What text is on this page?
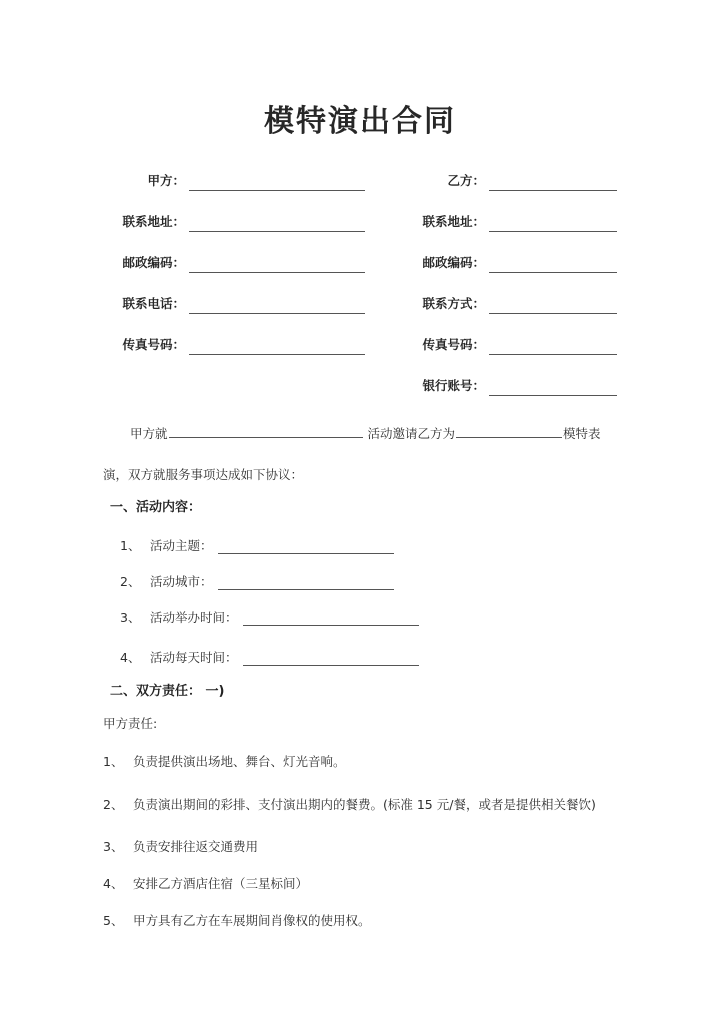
模特演出合同
甲方：
联系地址：
邮政编码：
联系电话：
传真号码：
乙方：
联系地址：
邮政编码：
联系方式：
传真号码：
银行账号：
甲方就	活动邀请乙方为	模特表
演，双方就服务事项达成如下协议：
一、活动内容：
1、 活动主题：
2、 活动城市：
3、 活动举办时间：
4、 活动每天时间：
二、双方责任： 一)
甲方责任:
1、 负责提供演出场地、舞台、灯光音响。
2、 负责演出期间的彩排、支付演出期内的餐费。(标准 15 元/餐，或者是提供相关餐饮)
3、 负责安排往返交通费用
4、 安排乙方酒店住宿（三星标间）
5、 甲方具有乙方在车展期间肖像权的使用权。
